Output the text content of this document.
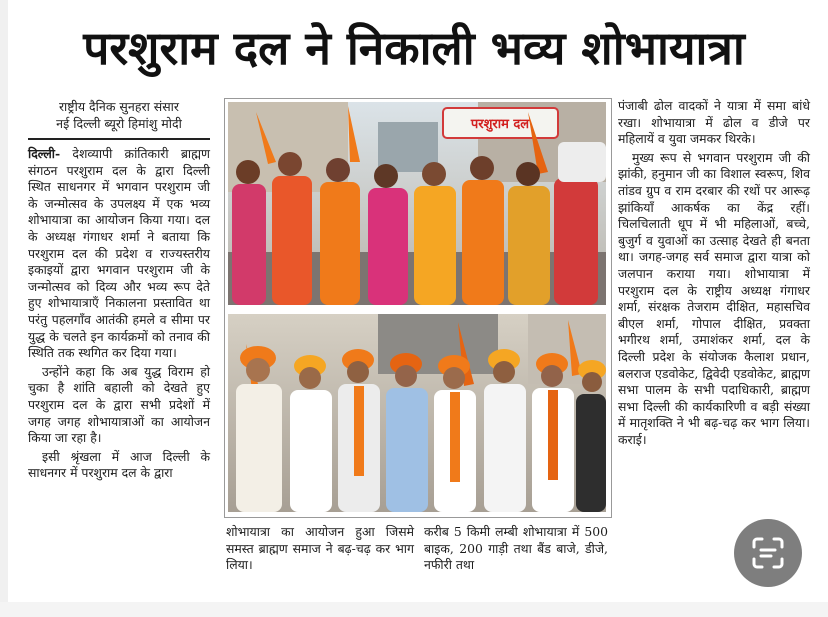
परशुराम दल ने निकाली भव्य शोभायात्रा
राष्ट्रीय दैनिक सुनहरा संसार
नई दिल्ली ब्यूरो हिमांशु मोदी

दिल्ली- देशव्यापी क्रांतिकारी ब्राह्मण संगठन परशुराम दल के द्वारा दिल्ली स्थित साधनगर में भगवान परशुराम जी के जन्मोत्सव के उपलक्ष्य में एक भव्य शोभायात्रा का आयोजन किया गया। दल के अध्यक्ष गंगाधर शर्मा ने बताया कि परशुराम दल की प्रदेश व राज्यस्तरीय इकाइयों द्वारा भगवान परशुराम जी के जन्मोत्सव को दिव्य और भव्य रूप देते हुए शोभायात्राएँ निकालना प्रस्तावित था परंतु पहलगाँव आतंकी हमले व सीमा पर युद्ध के चलते इन कार्यक्रमों को तनाव की स्थिति तक स्थगित कर दिया गया।

उन्होंने कहा कि अब युद्ध विराम हो चुका है शांति बहाली को देखते हुए परशुराम दल के द्वारा सभी प्रदेशों में जगह जगह शोभायात्राओं का आयोजन किया जा रहा है।

इसी श्रृंखला में आज दिल्ली के साधनगर में परशुराम दल के द्वारा

परशुराम दल

शोभायात्रा का आयोजन हुआ जिसमे समस्त ब्राह्मण समाज ने बढ़-चढ़ कर भाग लिया।

करीब 5 किमी लम्बी शोभायात्रा में 500 बाइक, 200 गाड़ी तथा बैंड बाजे, डीजे, नफीरी तथा

पंजाबी ढोल वादकों ने यात्रा में समा बांधे रखा। शोभायात्रा में ढोल व डीजे पर महिलायें व युवा जमकर थिरके।

मुख्य रूप से भगवान परशुराम जी की झांकी, हनुमान जी का विशाल स्वरूप, शिव तांडव ग्रुप व राम दरबार की रथों पर आरूढ़ झांकियाँ आकर्षक का केंद्र रहीं। चिलचिलाती धूप में भी महिलाओं, बच्चे, बुजुर्ग व युवाओं का उत्साह देखते ही बनता था। जगह-जगह सर्व समाज द्वारा यात्रा को जलपान कराया गया। शोभायात्रा में परशुराम दल के राष्ट्रीय अध्यक्ष गंगाधर शर्मा, संरक्षक तेजराम दीक्षित, महासचिव बीएल शर्मा, गोपाल दीक्षित, प्रवक्ता भगीरथ शर्मा, उमाशंकर शर्मा, दल के दिल्ली प्रदेश के संयोजक कैलाश प्रधान, बलराज एडवोकेट, द्विवेदी एडवोकेट, ब्राह्मण सभा पालम के सभी पदाधिकारी, ब्राह्मण सभा दिल्ली की कार्यकारिणी व बड़ी संख्या में मातृशक्ति ने भी बढ़-चढ़ कर भाग लिया। कराई।
